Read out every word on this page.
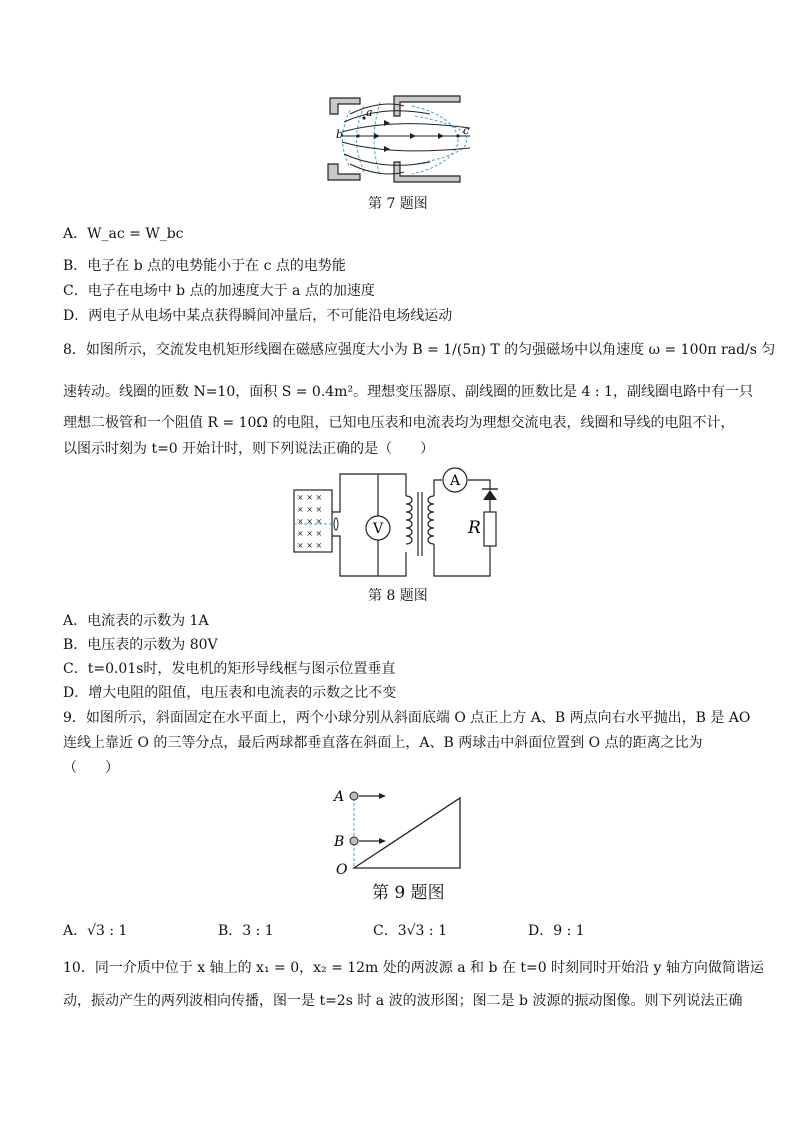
a
b	c
第 7 题图
A．W_ac = W_bc
B．电子在 b 点的电势能小于在 c 点的电势能
C．电子在电场中 b 点的加速度大于 a 点的加速度
D．两电子从电场中某点获得瞬间冲量后，不可能沿电场线运动
8．如图所示，交流发电机矩形线圈在磁感应强度大小为 B = 1/(5π) T 的匀强磁场中以角速度 ω = 100π rad/s 匀
速转动。线圈的匝数 N=10，面积 S = 0.4m²。理想变压器原、副线圈的匝数比是 4 : 1，副线圈电路中有一只
理想二极管和一个阻值 R = 10Ω 的电阻，已知电压表和电流表均为理想交流电表，线圈和导线的电阻不计，
以图示时刻为 t=0 开始计时，则下列说法正确的是（　　）
× × ×
× × ×
× × ×
× × ×
× × ×
V
A
R
第 8 题图
A．电流表的示数为 1A
B．电压表的示数为 80V
C．t=0.01s时，发电机的矩形导线框与图示位置垂直
D．增大电阻的阻值，电压表和电流表的示数之比不变
9．如图所示，斜面固定在水平面上，两个小球分别从斜面底端 O 点正上方 A、B 两点向右水平抛出，B 是 AO
连线上靠近 O 的三等分点，最后两球都垂直落在斜面上，A、B 两球击中斜面位置到 O 点的距离之比为
（　　）
A
B
O
第 9 题图
A．√3 : 1	B．3 : 1	C．3√3 : 1	D．9 : 1
10．同一介质中位于 x 轴上的 x₁ = 0，x₂ = 12m 处的两波源 a 和 b 在 t=0 时刻同时开始沿 y 轴方向做简谐运
动，振动产生的两列波相向传播，图一是 t=2s 时 a 波的波形图；图二是 b 波源的振动图像。则下列说法正确
